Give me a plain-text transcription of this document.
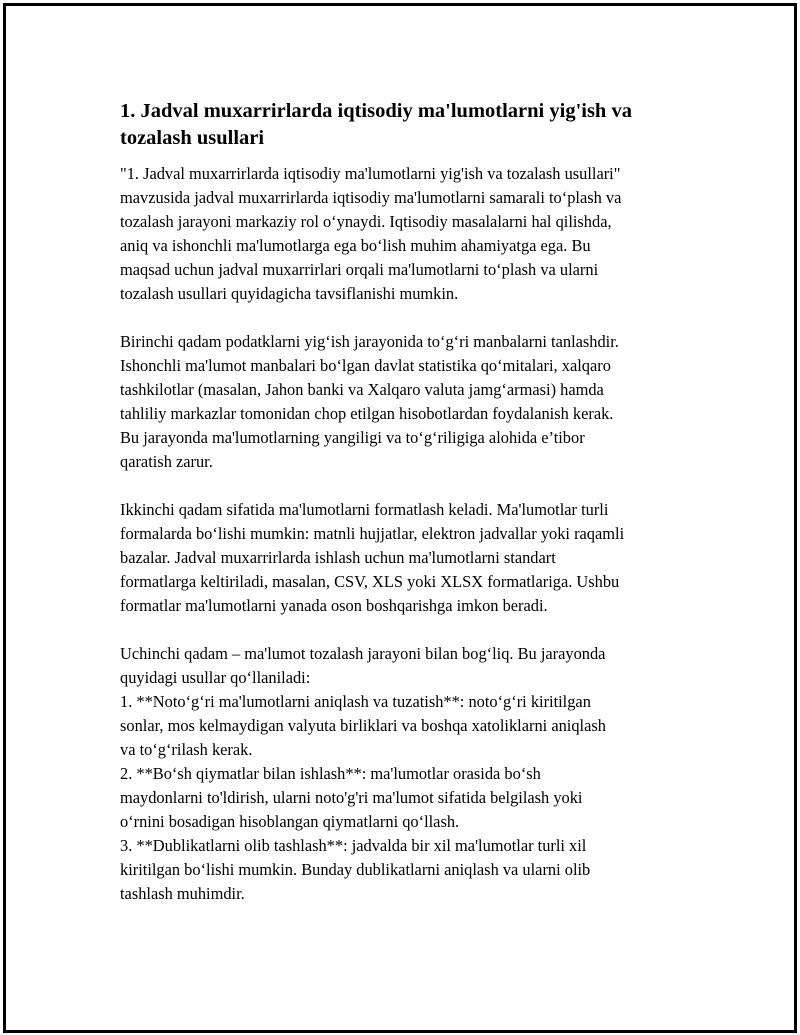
1. Jadval muxarrirlarda iqtisodiy ma'lumotlarni yig'ish va
tozalash usullari

"1. Jadval muxarrirlarda iqtisodiy ma'lumotlarni yig'ish va tozalash usullari"
mavzusida jadval muxarrirlarda iqtisodiy ma'lumotlarni samarali to‘plash va
tozalash jarayoni markaziy rol o‘ynaydi. Iqtisodiy masalalarni hal qilishda,
aniq va ishonchli ma'lumotlarga ega bo‘lish muhim ahamiyatga ega. Bu
maqsad uchun jadval muxarrirlari orqali ma'lumotlarni to‘plash va ularni
tozalash usullari quyidagicha tavsiflanishi mumkin.

Birinchi qadam podatklarni yig‘ish jarayonida to‘g‘ri manbalarni tanlashdir.
Ishonchli ma'lumot manbalari bo‘lgan davlat statistika qo‘mitalari, xalqaro
tashkilotlar (masalan, Jahon banki va Xalqaro valuta jamg‘armasi) hamda
tahliliy markazlar tomonidan chop etilgan hisobotlardan foydalanish kerak.
Bu jarayonda ma'lumotlarning yangiligi va to‘g‘riligiga alohida e’tibor
qaratish zarur.

Ikkinchi qadam sifatida ma'lumotlarni formatlash keladi. Ma'lumotlar turli
formalarda bo‘lishi mumkin: matnli hujjatlar, elektron jadvallar yoki raqamli
bazalar. Jadval muxarrirlarda ishlash uchun ma'lumotlarni standart
formatlarga keltiriladi, masalan, CSV, XLS yoki XLSX formatlariga. Ushbu
formatlar ma'lumotlarni yanada oson boshqarishga imkon beradi.

Uchinchi qadam – ma'lumot tozalash jarayoni bilan bog‘liq. Bu jarayonda
quyidagi usullar qo‘llaniladi:
1. **Noto‘g‘ri ma'lumotlarni aniqlash va tuzatish**: noto‘g‘ri kiritilgan
sonlar, mos kelmaydigan valyuta birliklari va boshqa xatoliklarni aniqlash
va to‘g‘rilash kerak.
2. **Bo‘sh qiymatlar bilan ishlash**: ma'lumotlar orasida bo‘sh
maydonlarni to'ldirish, ularni noto'g'ri ma'lumot sifatida belgilash yoki
o‘rnini bosadigan hisoblangan qiymatlarni qo‘llash.
3. **Dublikatlarni olib tashlash**: jadvalda bir xil ma'lumotlar turli xil
kiritilgan bo‘lishi mumkin. Bunday dublikatlarni aniqlash va ularni olib
tashlash muhimdir.
